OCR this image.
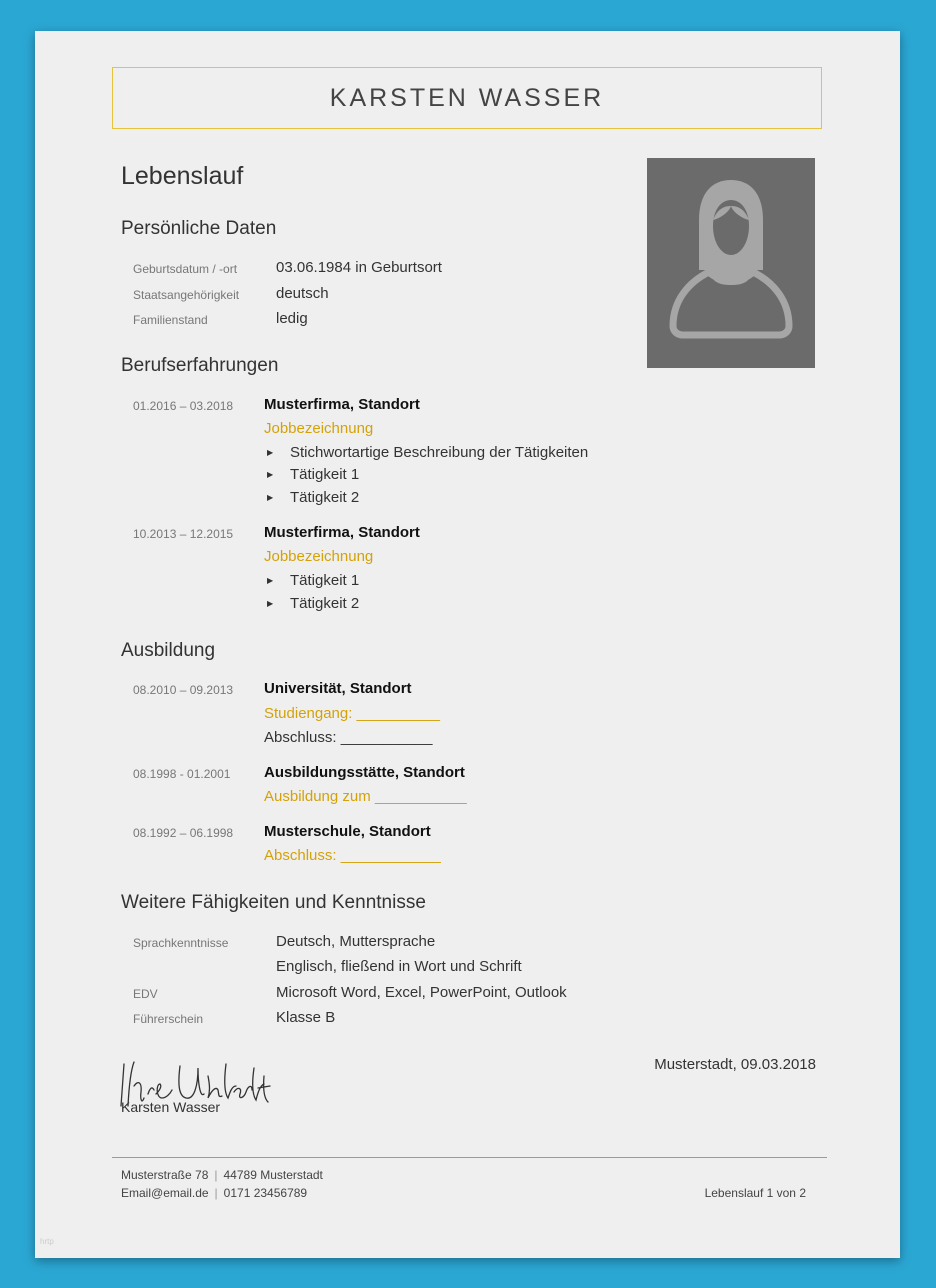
KARSTEN WASSER
Lebenslauf
Persönliche Daten
Geburtsdatum / -ort	03.06.1984 in Geburtsort
Staatsangehörigkeit deutsch
Familienstand	ledig
Berufserfahrungen
01.2016 – 03.2018 Musterfirma, Standort
Jobbezeichnung
▶ Stichwortartige Beschreibung der Tätigkeiten
▶ Tätigkeit 1
▶ Tätigkeit 2
10.2013 – 12.2015 Musterfirma, Standort
Jobbezeichnung
▶ Tätigkeit 1
▶ Tätigkeit 2
Ausbildung
08.2010 – 09.2013 Universität, Standort
Studiengang: __________
Abschluss: ___________
08.1998 - 01.2001 Ausbildungsstätte, Standort
Ausbildung zum ___________
08.1992 – 06.1998 Musterschule, Standort
Abschluss: ____________
Weitere Fähigkeiten und Kenntnisse
Sprachkenntnisse	Deutsch, Muttersprache
Englisch, fließend in Wort und Schrift
EDV	Microsoft Word, Excel, PowerPoint, Outlook
Führerschein	Klasse B
Ihre Unterschrift
Karsten Wasser
Musterstadt, 09.03.2018
Musterstraße 78 | 44789 Musterstadt
Email@email.de | 0171 23456789	Lebenslauf 1 von 2
hrtp
